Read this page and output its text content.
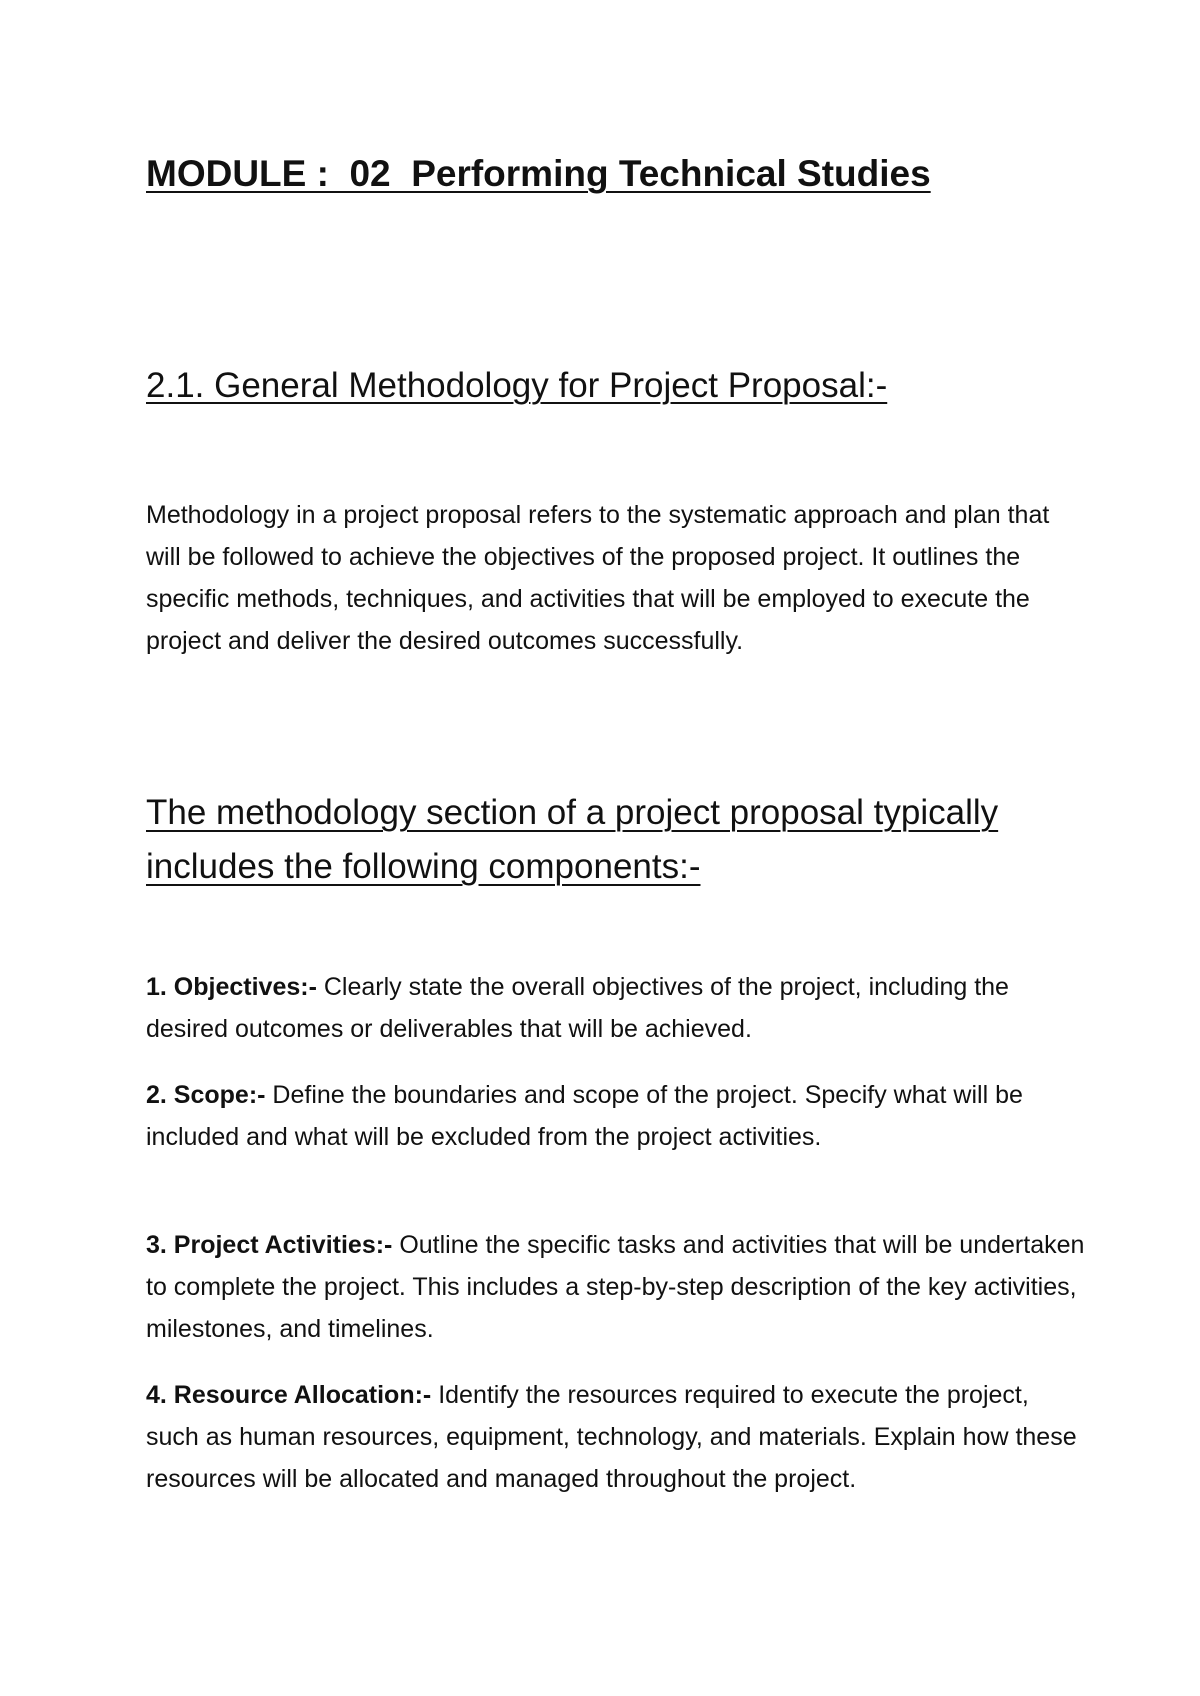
MODULE :  02  Performing Technical Studies
2.1. General Methodology for Project Proposal:-

Methodology in a project proposal refers to the systematic approach and plan that will be followed to achieve the objectives of the proposed project. It outlines the specific methods, techniques, and activities that will be employed to execute the project and deliver the desired outcomes successfully.

The methodology section of a project proposal typically includes the following components:-

1. Objectives:- Clearly state the overall objectives of the project, including the desired outcomes or deliverables that will be achieved.

2. Scope:- Define the boundaries and scope of the project. Specify what will be included and what will be excluded from the project activities.

3. Project Activities:- Outline the specific tasks and activities that will be undertaken to complete the project. This includes a step-by-step description of the key activities, milestones, and timelines.

4. Resource Allocation:- Identify the resources required to execute the project, such as human resources, equipment, technology, and materials. Explain how these resources will be allocated and managed throughout the project.
